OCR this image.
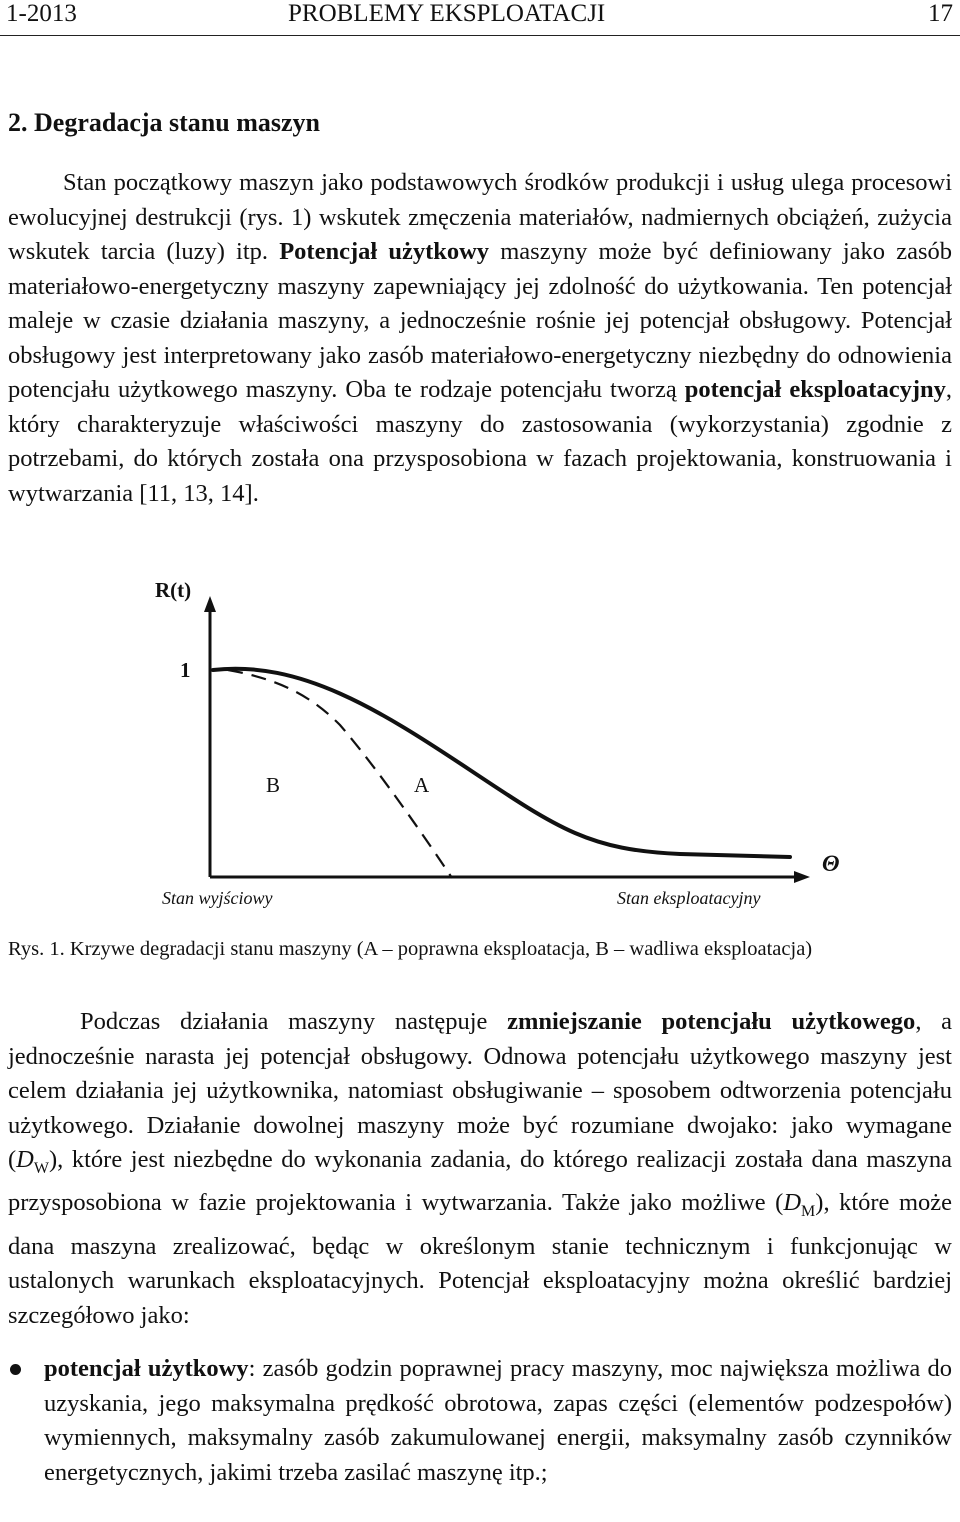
1-2013	PROBLEMY EKSPLOATACJI	17
2. Degradacja stanu maszyn

Stan początkowy maszyn jako podstawowych środków produkcji i usług ulega procesowi ewolucyjnej destrukcji (rys. 1) wskutek zmęczenia materiałów, nadmiernych obciążeń, zużycia wskutek tarcia (luzy) itp. Potencjał użytkowy maszyny może być definiowany jako zasób materiałowo-energetyczny maszyny zapewniający jej zdolność do użytkowania. Ten potencjał maleje w czasie działania maszyny, a jednocześnie rośnie jej potencjał obsługowy. Potencjał obsługowy jest interpretowany jako zasób materiałowo-energetyczny niezbędny do odnowienia potencjału użytkowego maszyny. Oba te rodzaje potencjału tworzą potencjał eksploatacyjny, który charakteryzuje właściwości maszyny do zastosowania (wykorzystania) zgodnie z potrzebami, do których została ona przysposobiona w fazach projektowania, konstruowania i wytwarzania [11, 13, 14].

R(t)
1
B	A
Θ
Stan wyjściowy	Stan eksploatacyjny
Rys. 1. Krzywe degradacji stanu maszyny (A – poprawna eksploatacja, B – wadliwa eksploatacja)

Podczas działania maszyny następuje zmniejszanie potencjału użytkowego, a jednocześnie narasta jej potencjał obsługowy. Odnowa potencjału użytkowego maszyny jest celem działania jej użytkownika, natomiast obsługiwanie – sposobem odtworzenia potencjału użytkowego. Działanie dowolnej maszyny może być rozumiane dwojako: jako wymagane $(D_W)$, które jest niezbędne do wykonania zadania, do którego realizacji została dana maszyna przysposobiona w fazie projektowania i wytwarzania. Także jako możliwe $(D_M)$, które może dana maszyna zrealizować, będąc w określonym stanie technicznym i funkcjonując w ustalonych warunkach eksploatacyjnych. Potencjał eksploatacyjny można określić bardziej szczegółowo jako:

potencjał użytkowy: zasób godzin poprawnej pracy maszyny, moc największa możliwa do uzyskania, jego maksymalna prędkość obrotowa, zapas części (elementów podzespołów) wymiennych, maksymalny zasób zakumulowanej energii, maksymalny zasób czynników energetycznych, jakimi trzeba zasilać maszynę itp.;
